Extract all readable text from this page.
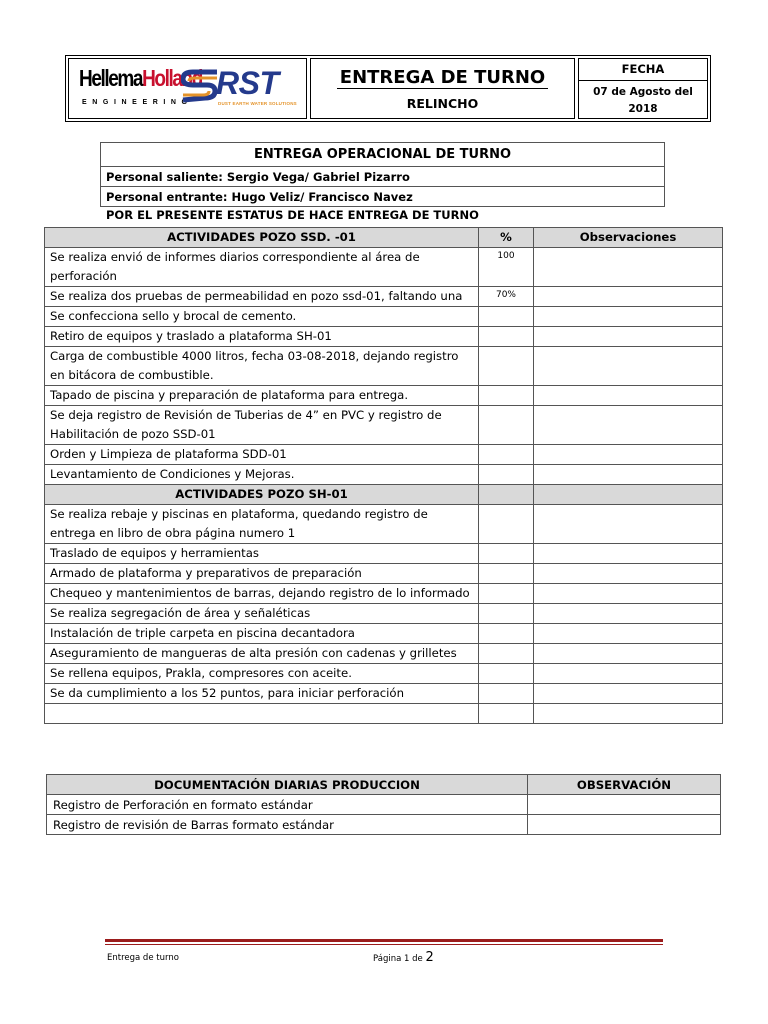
HellemaHolland
ENGINEERING
RST
DUST EARTH WATER SOLUTIONS
ENTREGA DE TURNO
RELINCHO
FECHA
07 de Agosto del
2018
ENTREGA OPERACIONAL DE TURNO
Personal saliente: Sergio Vega/ Gabriel Pizarro
Personal entrante: Hugo Veliz/ Francisco Navez
POR EL PRESENTE ESTATUS DE HACE ENTREGA DE TURNO
ACTIVIDADES POZO SSD. -01	%	Observaciones
Se realiza envió de informes diarios correspondiente al área de perforación	100	
Se realiza dos pruebas de permeabilidad en pozo ssd-01, faltando una	70%	
Se confecciona sello y brocal de cemento.		
Retiro de equipos y traslado a plataforma SH-01		
Carga de combustible 4000 litros, fecha 03-08-2018, dejando registro en bitácora de combustible.		
Tapado de piscina y preparación de plataforma para entrega.		
Se deja registro de Revisión de Tuberias de 4” en PVC y registro de Habilitación de pozo SSD-01		
Orden y Limpieza de plataforma SDD-01		
Levantamiento de Condiciones y Mejoras.		
ACTIVIDADES POZO SH-01		
Se realiza rebaje y piscinas en plataforma, quedando registro de entrega en libro de obra página numero 1		
Traslado de equipos y herramientas		
Armado de plataforma y preparativos de preparación		
Chequeo y mantenimientos de barras, dejando registro de lo informado		
Se realiza segregación de área y señaléticas		
Instalación de triple carpeta en piscina decantadora		
Aseguramiento de mangueras de alta presión con cadenas y grilletes		
Se rellena equipos, Prakla, compresores con aceite.		
Se da cumplimiento a los 52 puntos, para iniciar perforación		

DOCUMENTACIÓN DIARIAS PRODUCCION	OBSERVACIÓN
Registro de Perforación en formato estándar	
Registro de revisión de Barras formato estándar	
Entrega de turno	Página 1 de 2
